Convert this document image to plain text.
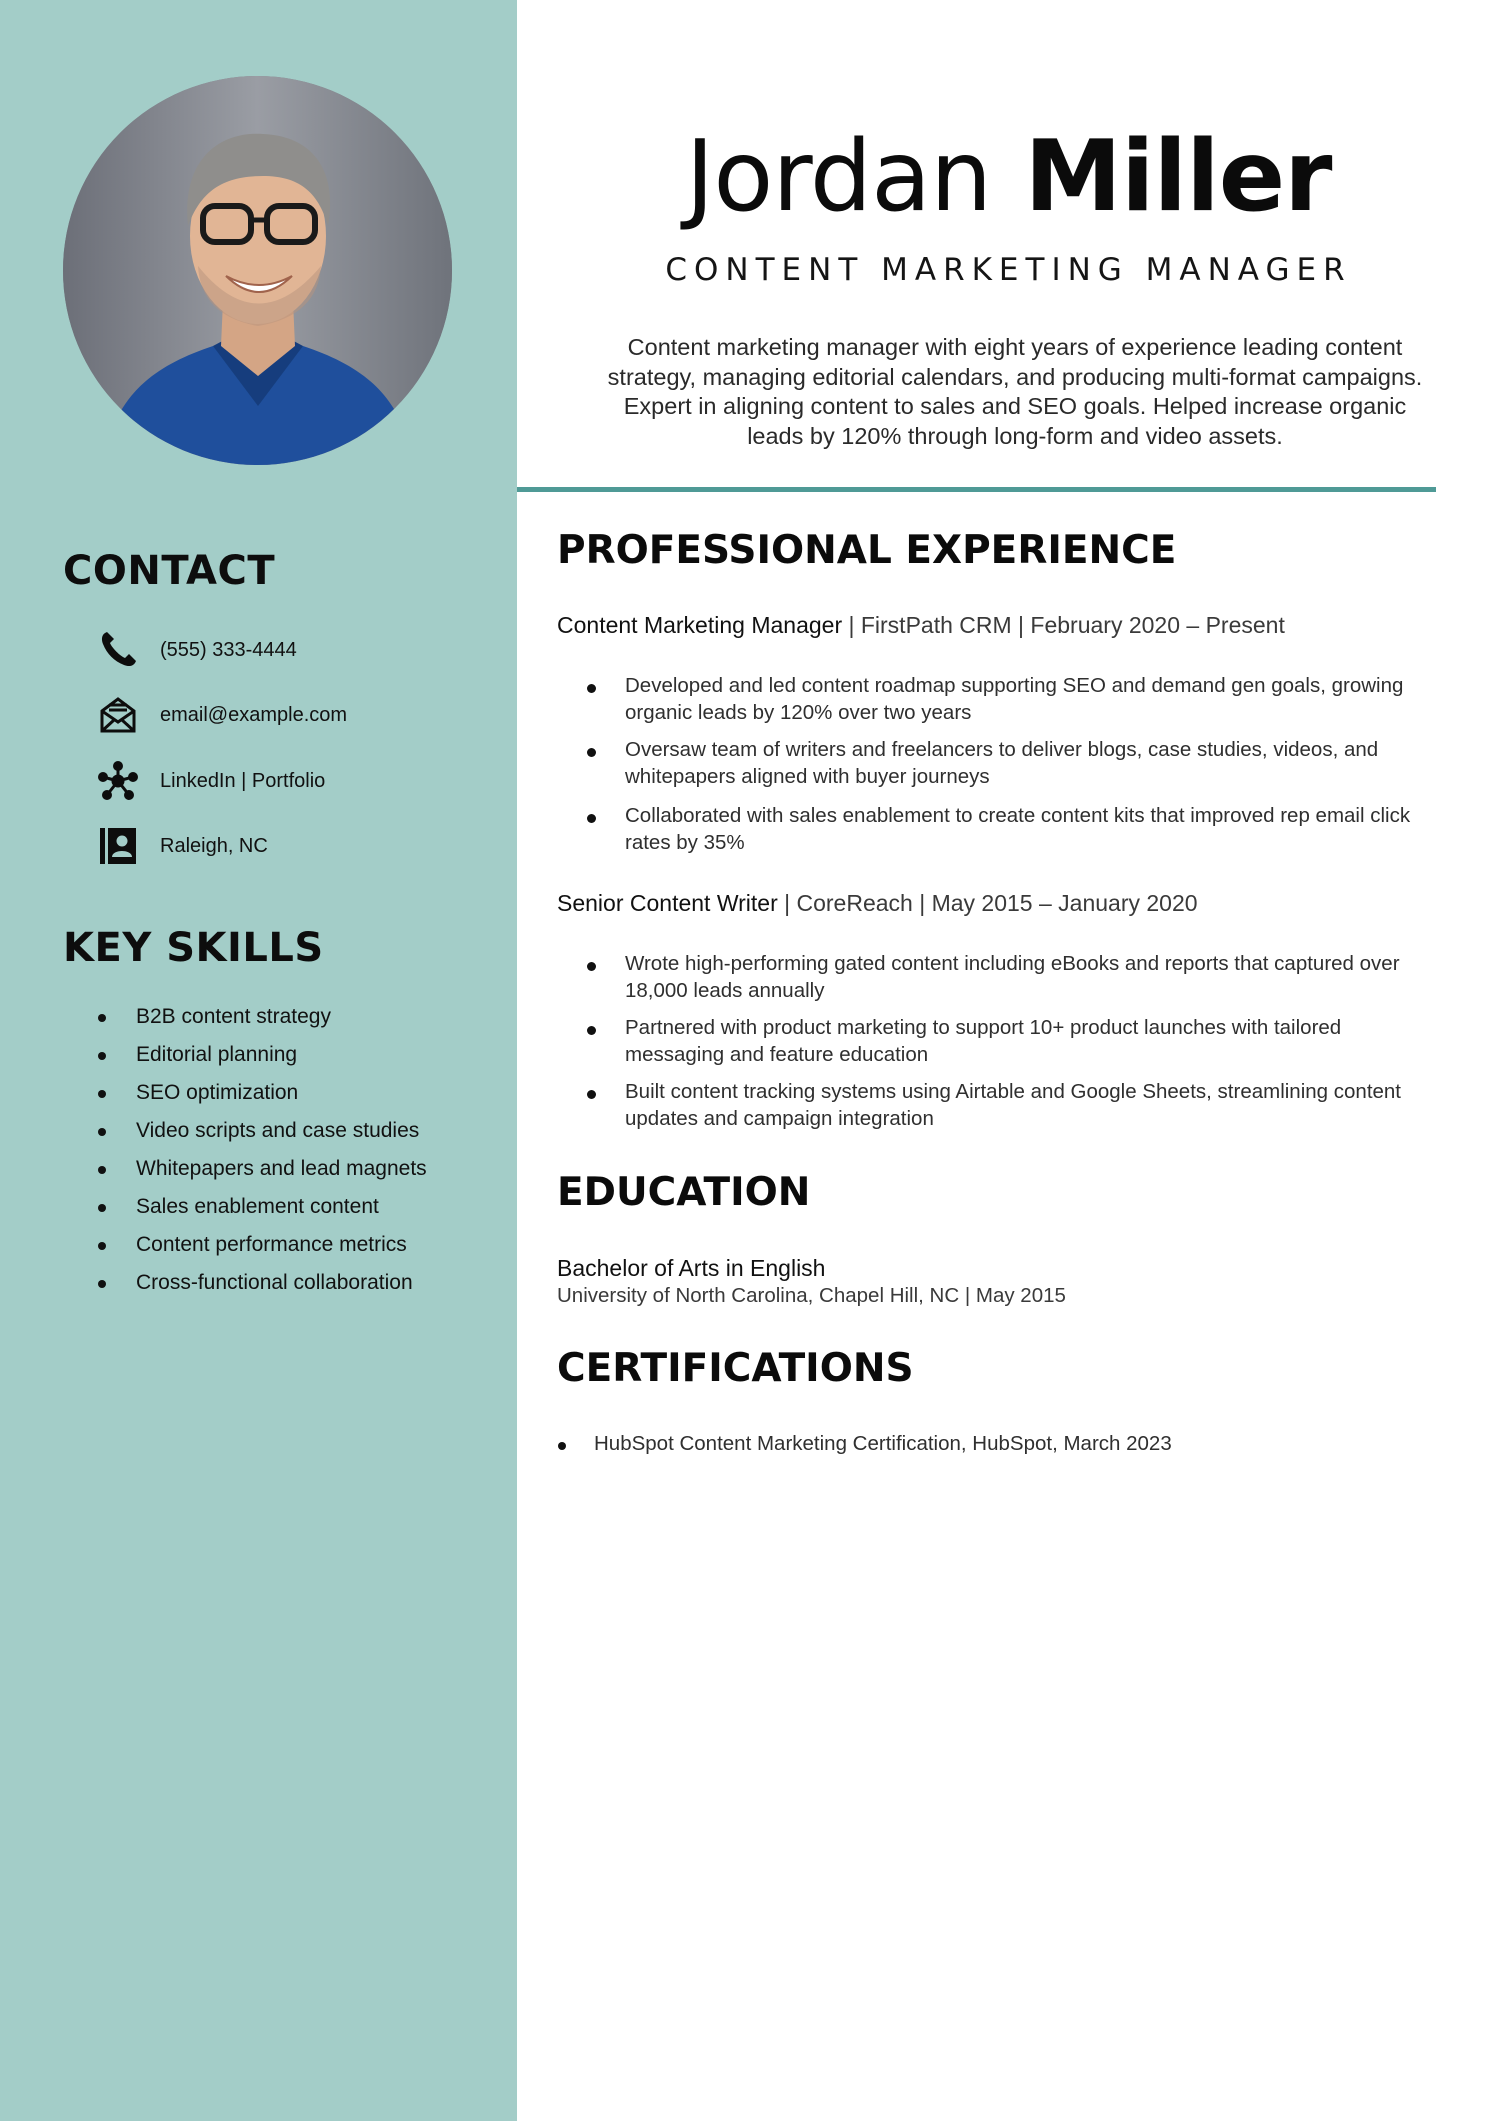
CONTACT
(555) 333-4444
email@example.com
LinkedIn | Portfolio
Raleigh, NC
KEY SKILLS
B2B content strategy
Editorial planning
SEO optimization
Video scripts and case studies
Whitepapers and lead magnets
Sales enablement content
Content performance metrics
Cross-functional collaboration
Jordan Miller

CONTENT MARKETING MANAGER

Content marketing manager with eight years of experience leading content strategy, managing editorial calendars, and producing multi-format campaigns. Expert in aligning content to sales and SEO goals. Helped increase organic leads by 120% through long-form and video assets.

PROFESSIONAL EXPERIENCE

Content Marketing Manager | FirstPath CRM | February 2020 – Present

Developed and led content roadmap supporting SEO and demand gen goals, growing organic leads by 120% over two years
Oversaw team of writers and freelancers to deliver blogs, case studies, videos, and whitepapers aligned with buyer journeys
Collaborated with sales enablement to create content kits that improved rep email click rates by 35%

Senior Content Writer | CoreReach | May 2015 – January 2020

Wrote high-performing gated content including eBooks and reports that captured over 18,000 leads annually
Partnered with product marketing to support 10+ product launches with tailored messaging and feature education
Built content tracking systems using Airtable and Google Sheets, streamlining content updates and campaign integration
EDUCATION

Bachelor of Arts in English

University of North Carolina, Chapel Hill, NC | May 2015

CERTIFICATIONS
HubSpot Content Marketing Certification, HubSpot, March 2023
